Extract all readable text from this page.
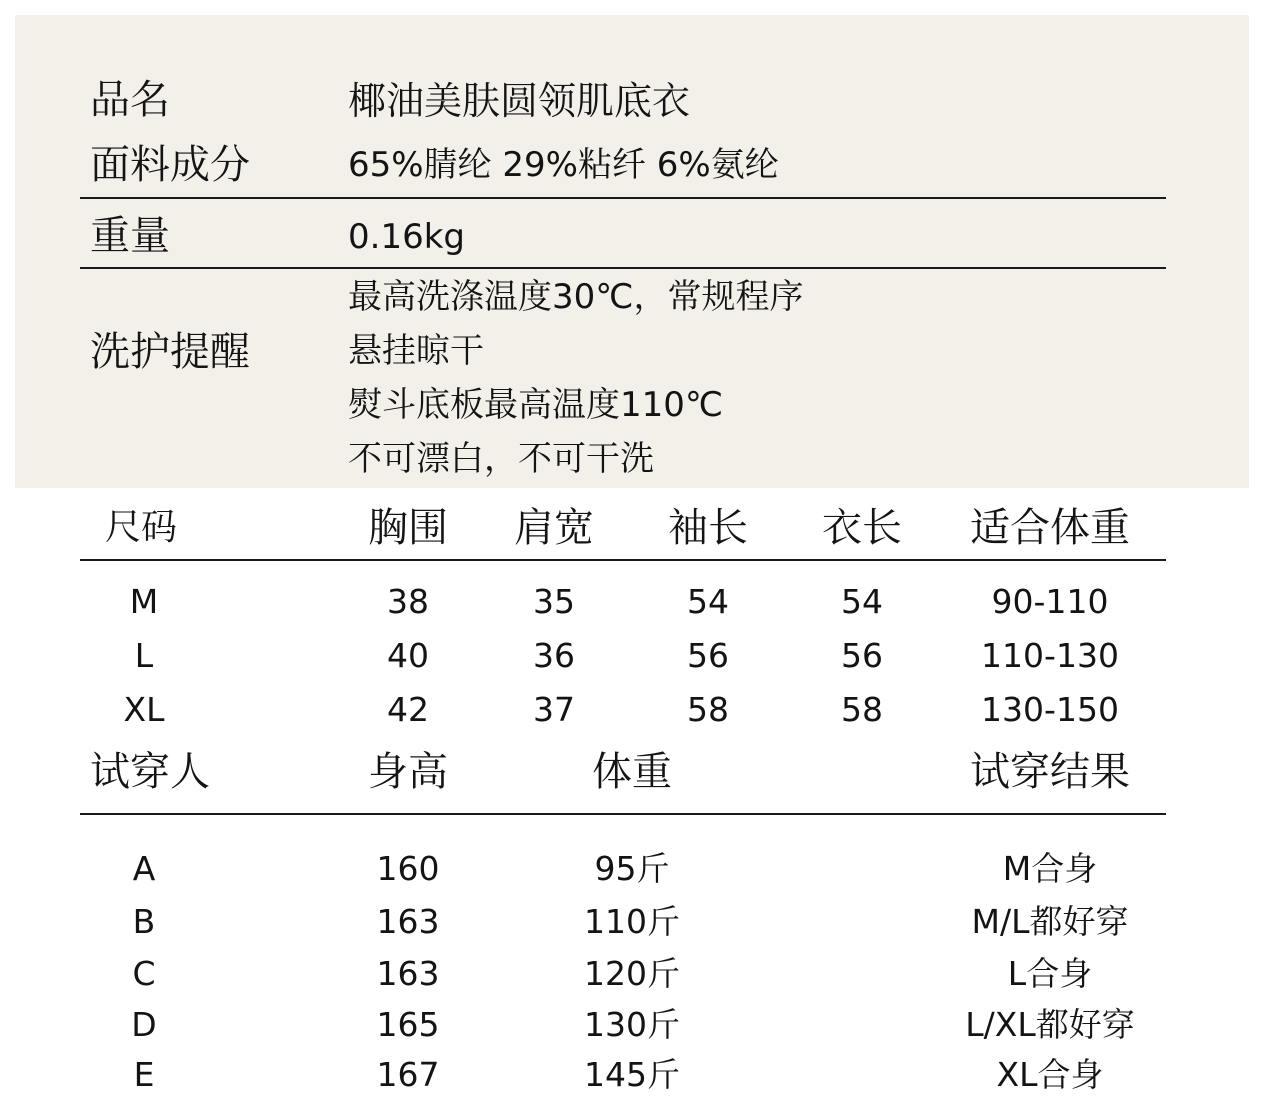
品名	椰油美肤圆领肌底衣
面料成分	65%腈纶 29%粘纤 6%氨纶
重量	0.16kg
洗护提醒
最高洗涤温度30℃，常规程序
悬挂晾干
熨斗底板最高温度110℃
不可漂白，不可干洗
尺码	胸围 肩宽 袖长 衣长 适合体重
M	38	35	54	54	90-110
L	40	36	56	56	110-130
XL	42	37	58	58	130-150
试穿人	身高	体重	试穿结果
A	160	95斤	M合身
B	163	110斤	M/L都好穿
C	163	120斤	L合身
D	165	130斤	L/XL都好穿
E	167	145斤	XL合身
